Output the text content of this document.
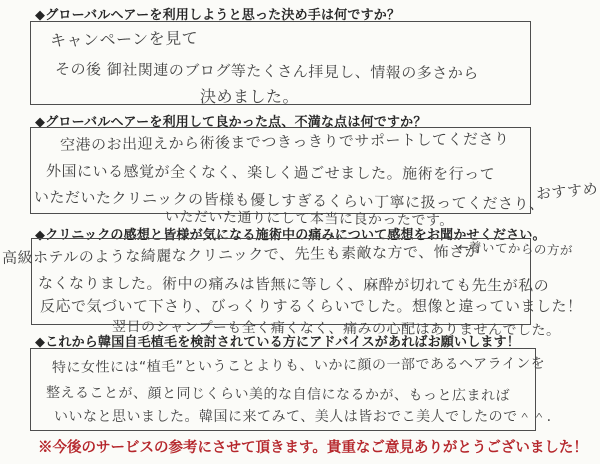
◆グローバルヘアーを利用しようと思った決め手は何ですか？
キャンペーンを見て
その後 御社関連のブログ等たくさん拝見し、情報の多さから
決めました。
◆グローバルヘアーを利用して良かった点、不満な点は何ですか？
空港のお出迎えから術後までつきっきりでサポートしてくださり
外国にいる感覚が全くなく、楽しく過ごせました。施術を行って
いただいたクリニックの皆様も優しすぎるくらい丁寧に扱ってくださり、
おすすめ
いただいた通りにして本当に良かったです。
◆クリニックの感想と皆様が気になる施術中の痛みについて感想をお聞かせください。
←着いてからの方が
高級ホテルのような綺麗なクリニックで、先生も素敵な方で、怖さが
なくなりました。術中の痛みは皆無に等しく、麻酔が切れても先生が私の
反応で気づいて下さり、びっくりするくらいでした。想像と違っていました！
翌日のシャンプーも全く痛くなく、痛みの心配はありませんでした。
◆これから韓国自毛植毛を検討されている方にアドバイスがあればお願いします！
特に女性には“植毛”ということよりも、いかに顔の一部であるヘアラインを
整えることが、顔と同じくらい美的な自信になるかが、もっと広まれば
いいなと思いました。韓国に来てみて、美人は皆おでこ美人でしたので＾＾.
※今後のサービスの参考にさせて頂きます。貴重なご意見ありがとうございました！
